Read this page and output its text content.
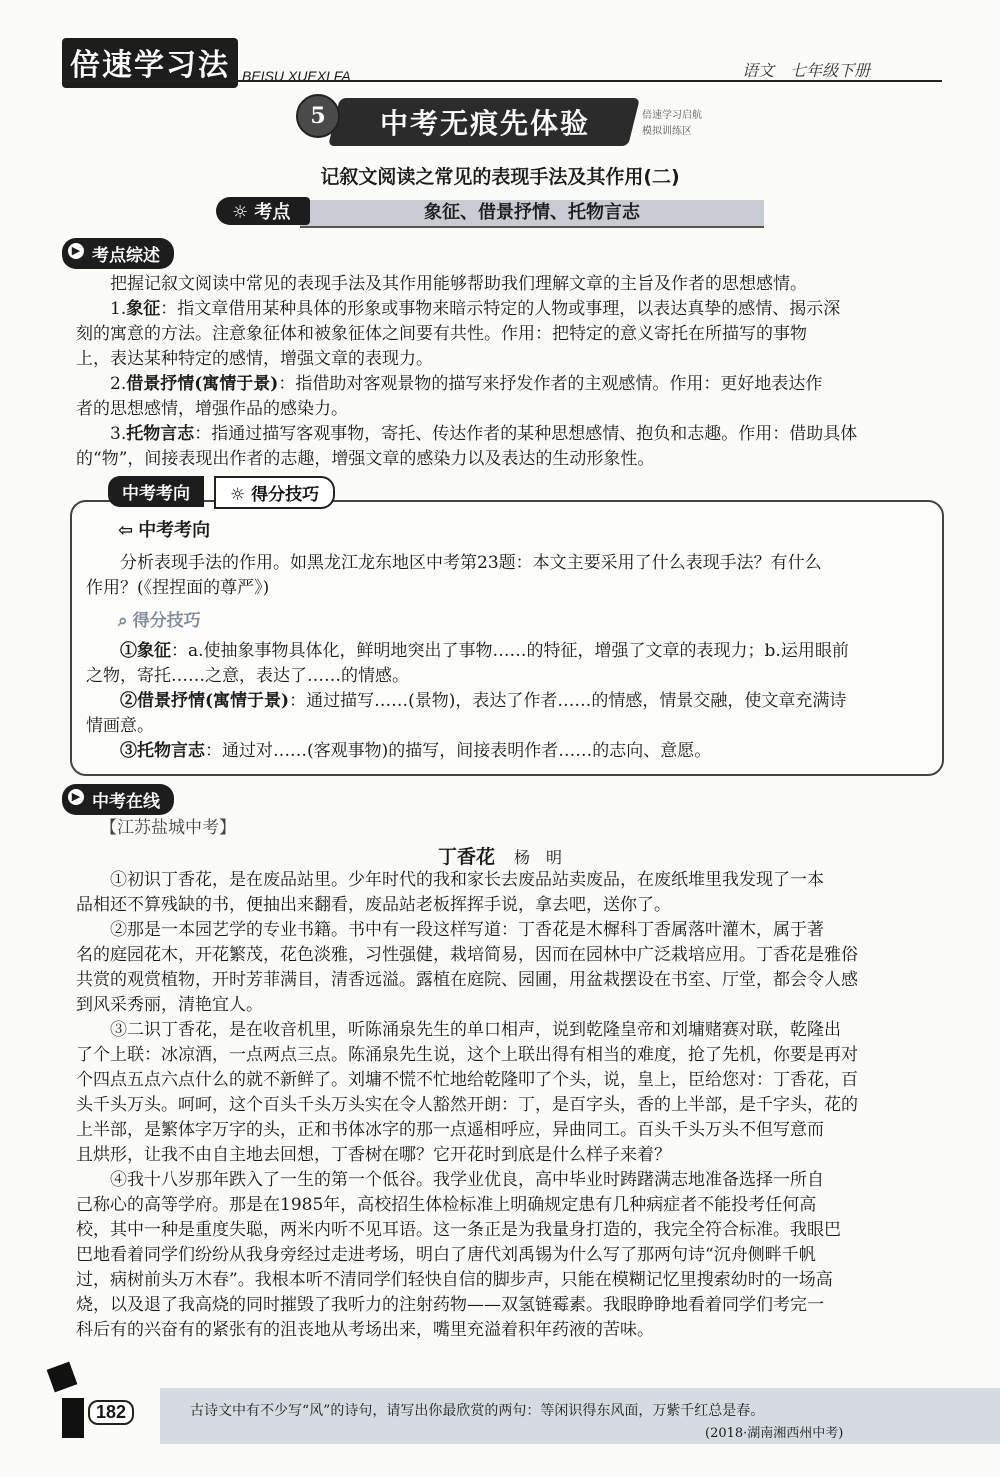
倍速学习法 BEISU XUEXI FA	语文　七年级下册
5	中考无痕先体验	倍速学习启航
模拟训练区
记叙文阅读之常见的表现手法及其作用(二)
☼ 考点	象征、借景抒情、托物言志
▶ 考点综述
把握记叙文阅读中常见的表现手法及其作用能够帮助我们理解文章的主旨及作者的思想感情。
1.象征：指文章借用某种具体的形象或事物来暗示特定的人物或事理，以表达真挚的感情、揭示深
刻的寓意的方法。注意象征体和被象征体之间要有共性。作用：把特定的意义寄托在所描写的事物
上，表达某种特定的感情，增强文章的表现力。
2.借景抒情(寓情于景)：指借助对客观景物的描写来抒发作者的主观感情。作用：更好地表达作
者的思想感情，增强作品的感染力。
3.托物言志：指通过描写客观事物，寄托、传达作者的某种思想感情、抱负和志趣。作用：借助具体
的“物”，间接表现出作者的志趣，增强文章的感染力以及表达的生动形象性。
中考考向	☼ 得分技巧
⇦ 中考考向
分析表现手法的作用。如黑龙江龙东地区中考第23题：本文主要采用了什么表现手法？有什么
作用？(《捏捏面的尊严》)
⌕ 得分技巧
①象征：a.使抽象事物具体化，鲜明地突出了事物……的特征，增强了文章的表现力；b.运用眼前
之物，寄托……之意，表达了……的情感。
②借景抒情(寓情于景)：通过描写……(景物)，表达了作者……的情感，情景交融，使文章充满诗
情画意。
③托物言志：通过对……(客观事物)的描写，间接表明作者……的志向、意愿。
▶ 中考在线
【江苏盐城中考】
丁香花 杨　明
①初识丁香花，是在废品站里。少年时代的我和家长去废品站卖废品，在废纸堆里我发现了一本
品相还不算残缺的书，便抽出来翻看，废品站老板挥挥手说，拿去吧，送你了。
②那是一本园艺学的专业书籍。书中有一段这样写道：丁香花是木樨科丁香属落叶灌木，属于著
名的庭园花木，开花繁茂，花色淡雅，习性强健，栽培简易，因而在园林中广泛栽培应用。丁香花是雅俗
共赏的观赏植物，开时芳菲满目，清香远溢。露植在庭院、园圃，用盆栽摆设在书室、厅堂，都会令人感
到风采秀丽，清艳宜人。
③二识丁香花，是在收音机里，听陈涌泉先生的单口相声，说到乾隆皇帝和刘墉赌赛对联，乾隆出
了个上联：冰凉酒，一点两点三点。陈涌泉先生说，这个上联出得有相当的难度，抢了先机，你要是再对
个四点五点六点什么的就不新鲜了。刘墉不慌不忙地给乾隆叩了个头，说，皇上，臣给您对：丁香花，百
头千头万头。呵呵，这个百头千头万头实在令人豁然开朗：丁，是百字头，香的上半部，是千字头，花的
上半部，是繁体字万字的头，正和书体冰字的那一点遥相呼应，异曲同工。百头千头万头不但写意而
且烘形，让我不由自主地去回想，丁香树在哪？它开花时到底是什么样子来着？
④我十八岁那年跌入了一生的第一个低谷。我学业优良，高中毕业时踌躇满志地准备选择一所自
己称心的高等学府。那是在1985年，高校招生体检标准上明确规定患有几种病症者不能投考任何高
校，其中一种是重度失聪，两米内听不见耳语。这一条正是为我量身打造的，我完全符合标准。我眼巴
巴地看着同学们纷纷从我身旁经过走进考场，明白了唐代刘禹锡为什么写了那两句诗“沉舟侧畔千帆
过，病树前头万木春”。我根本听不清同学们轻快自信的脚步声，只能在模糊记忆里搜索幼时的一场高
烧，以及退了我高烧的同时摧毁了我听力的注射药物——双氢链霉素。我眼睁睁地看着同学们考完一
科后有的兴奋有的紧张有的沮丧地从考场出来，嘴里充溢着积年药液的苦味。
182	古诗文中有不少写“风”的诗句，请写出你最欣赏的两句：等闲识得东风面，万紫千红总是春。
(2018·湖南湘西州中考)
